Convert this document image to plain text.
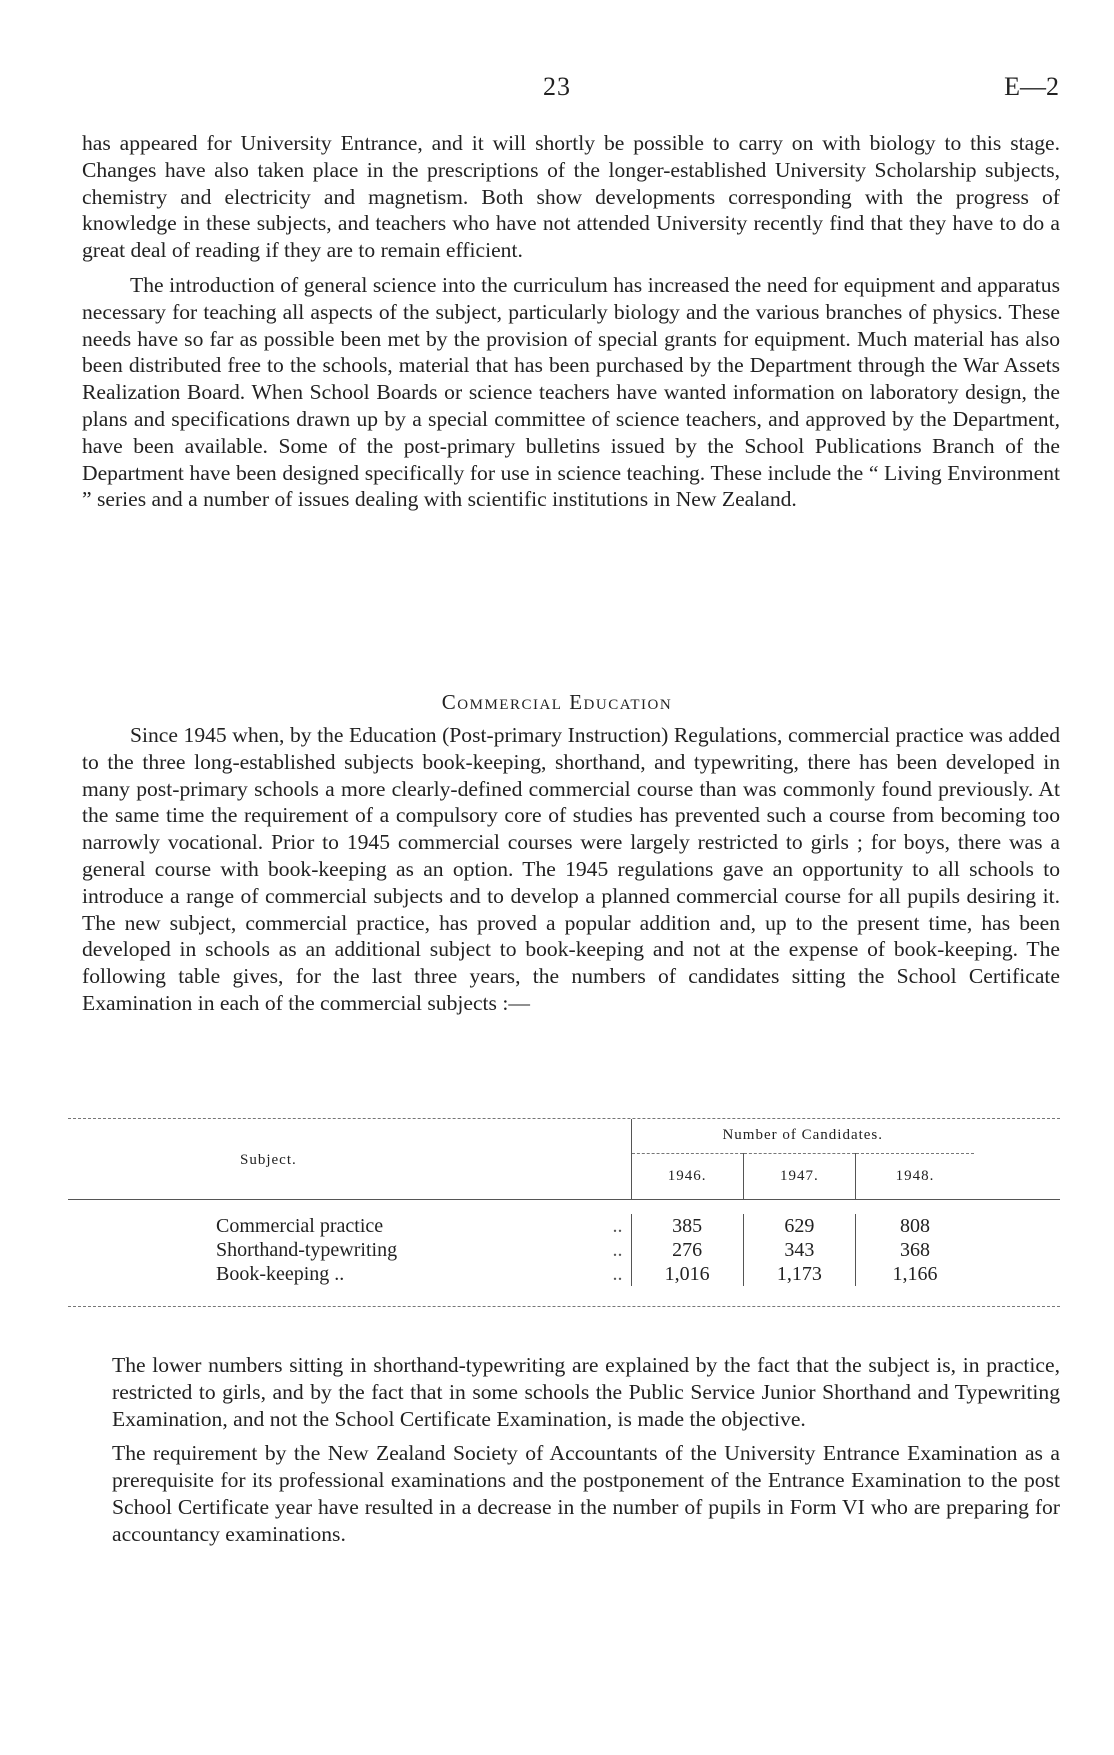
23	E—2

has appeared for University Entrance, and it will shortly be possible to carry on with biology to this stage. Changes have also taken place in the prescriptions of the longer-established University Scholarship subjects, chemistry and electricity and magnetism. Both show developments corresponding with the progress of knowledge in these subjects, and teachers who have not attended University recently find that they have to do a great deal of reading if they are to remain efficient.

The introduction of general science into the curriculum has increased the need for equipment and apparatus necessary for teaching all aspects of the subject, particularly biology and the various branches of physics. These needs have so far as possible been met by the provision of special grants for equipment. Much material has also been distributed free to the schools, material that has been purchased by the Department through the War Assets Realization Board. When School Boards or science teachers have wanted information on laboratory design, the plans and specifications drawn up by a special committee of science teachers, and approved by the Department, have been available. Some of the post-primary bulletins issued by the School Publications Branch of the Department have been designed specifically for use in science teaching. These include the “ Living Environment ” series and a number of issues dealing with scientific institutions in New Zealand.

Commercial Education

Since 1945 when, by the Education (Post-primary Instruction) Regulations, commercial practice was added to the three long-established subjects book-keeping, shorthand, and typewriting, there has been developed in many post-primary schools a more clearly-defined commercial course than was commonly found previously. At the same time the requirement of a compulsory core of studies has prevented such a course from becoming too narrowly vocational. Prior to 1945 commercial courses were largely restricted to girls ; for boys, there was a general course with book-keeping as an option. The 1945 regulations gave an opportunity to all schools to introduce a range of commercial subjects and to develop a planned commercial course for all pupils desiring it. The new subject, commercial practice, has proved a popular addition and, up to the present time, has been developed in schools as an additional subject to book-keeping and not at the expense of book-keeping. The following table gives, for the last three years, the numbers of candidates sitting the School Certificate Examination in each of the commercial subjects :—

Subject.	Number of Candidates.			
	1946.	1947.	1948.	

Commercial practice ..	385	629	808	
Shorthand-typewriting ..	276	343	368	
Book-keeping .. ..	1,016	1,173	1,166	

The lower numbers sitting in shorthand-typewriting are explained by the fact that the subject is, in practice, restricted to girls, and by the fact that in some schools the Public Service Junior Shorthand and Typewriting Examination, and not the School Certificate Examination, is made the objective.

The requirement by the New Zealand Society of Accountants of the University Entrance Examination as a prerequisite for its professional examinations and the postponement of the Entrance Examination to the post School Certificate year have resulted in a decrease in the number of pupils in Form VI who are preparing for accountancy examinations.
